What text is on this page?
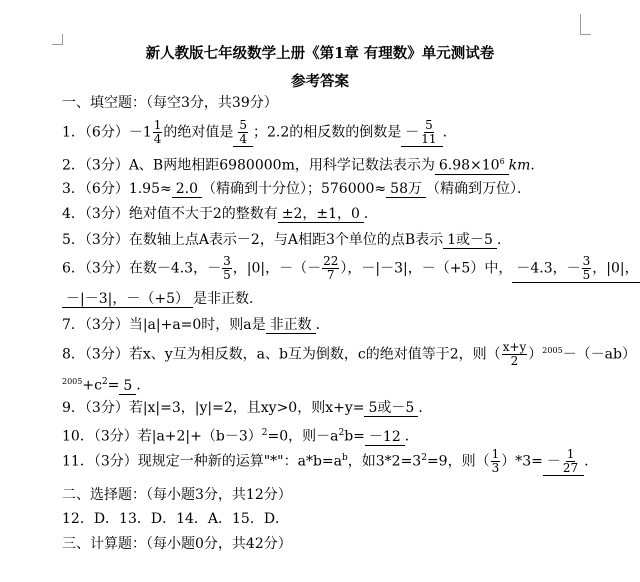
新人教版七年级数学上册《第1章 有理数》单元测试卷
参考答案
一、填空题：（每空3分，共39分）
1．（6分）$-1 \frac{1}{4}$ 的绝对值是 $\frac{5}{4}$ ；2.2的相反数的倒数是 － $\frac{5}{11}$ ．
2．（3分）A、B两地相距6980000m，用科学记数法表示为 $6.98\times 10^6$ km．
3．（6分）1.95≈ 2.0 （精确到十分位）；576000≈ 58万 （精确到万位）．
4．（3分）绝对值不大于2的整数有 ±2，±1，0 ．
5．（3分）在数轴上点A表示－2，与A相距3个单位的点B表示 1或－5 ．
6．（3分）在数－4.3，－ $\frac{3}{5}$ ，|0|，－（－ $\frac{22}{7}$ ），－|－3|，－（+5）中， －4.3，－ $\frac{3}{5}$ ，|0|，
－|－3|，－（+5） 是非正数．
7．（3分）当|a|+a=0时，则a是 非正数 ．
8．（3分）若x、y互为相反数，a、b互为倒数，c的绝对值等于2，则（ $\frac{x+y}{2} )^{2005}-(-ab)$
$^{2005}+c^2= 5$ ．
9．（3分）若|x|=3，|y|=2，且xy>0，则x+y= 5或－5 ．
10．（3分）若$|a+2|+(b-3)^2=0$，则$-a^2b= -12$ ．
11．（3分）现规定一种新的运算"*"：$a*b=a^b$，如$3*2=3^2=9$，则（ $\frac{1}{3} )*3= - \frac{1}{27}$ ．
二、选择题：（每小题3分，共12分）
12．D．13．D．14．A．15．D．
三、计算题：（每小题0分，共42分）
